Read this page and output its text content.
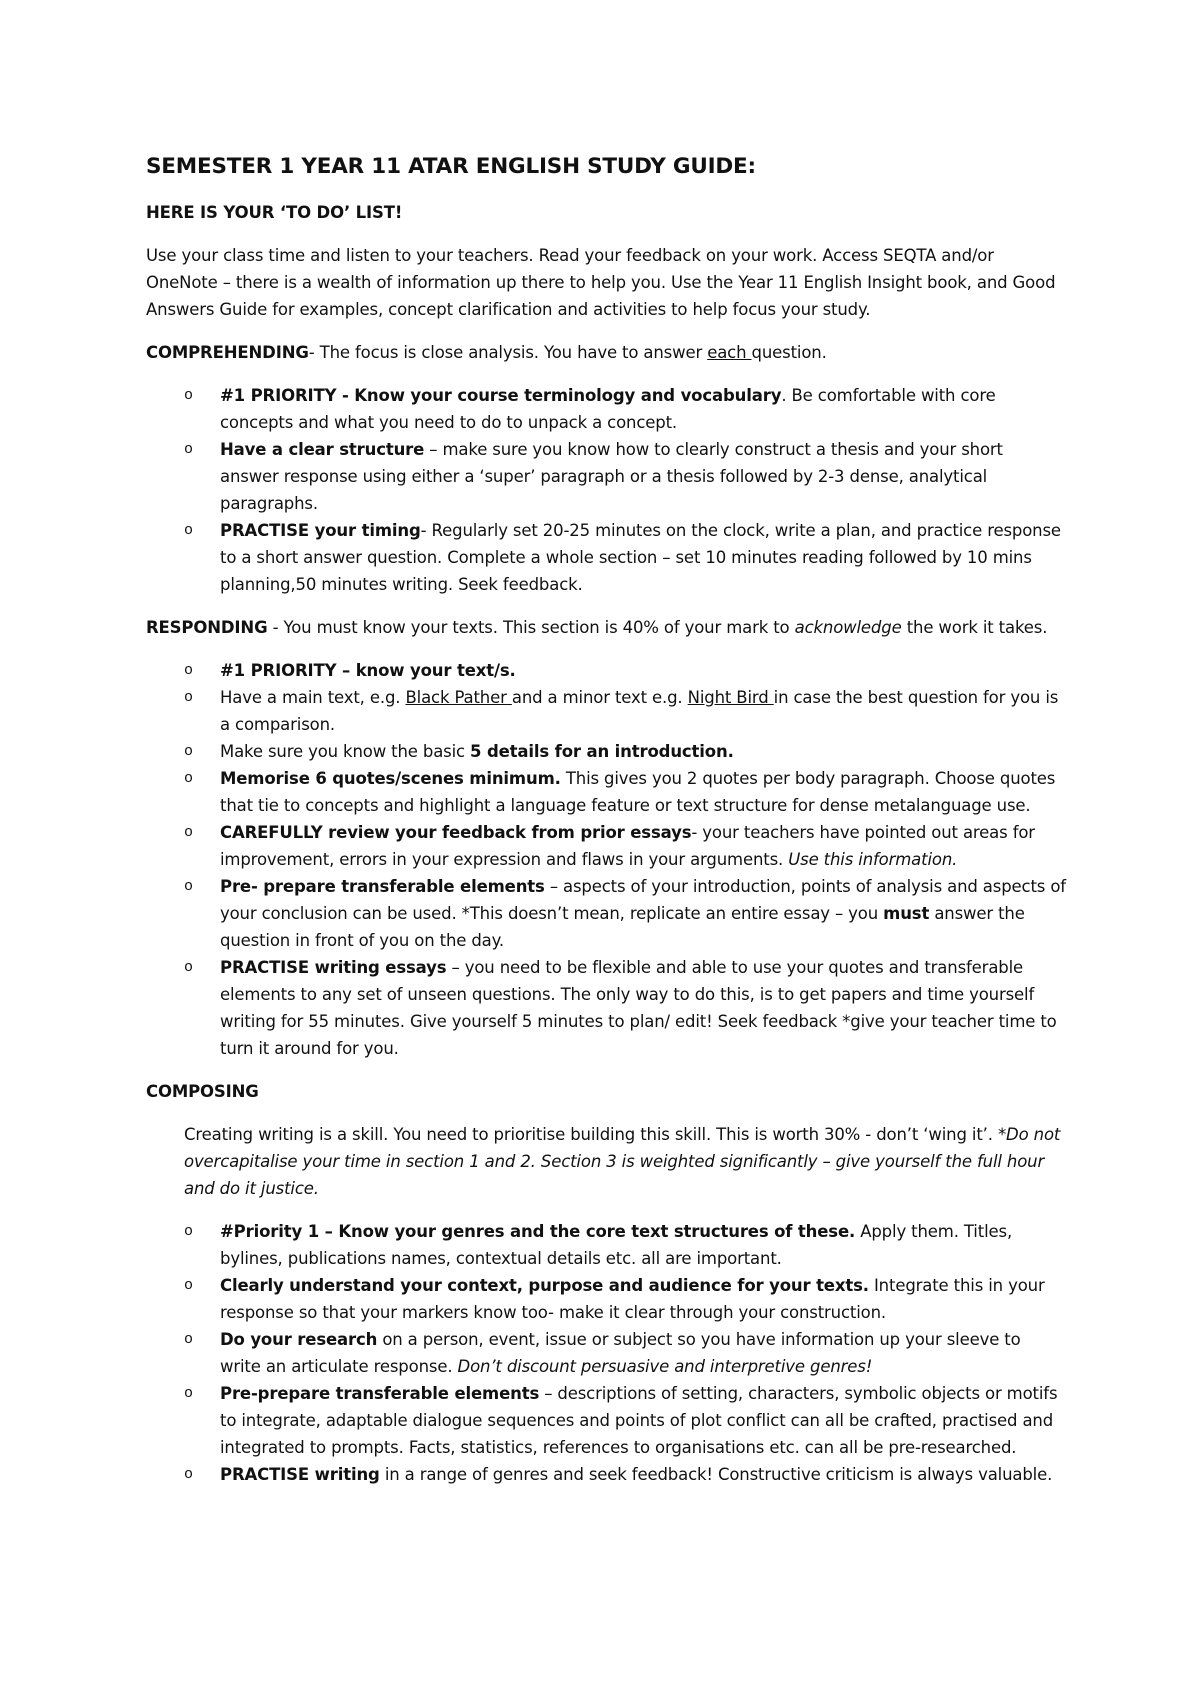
SEMESTER 1 YEAR 11 ATAR ENGLISH STUDY GUIDE:
HERE IS YOUR ‘TO DO’ LIST!

Use your class time and listen to your teachers. Read your feedback on your work. Access SEQTA and/or OneNote – there is a wealth of information up there to help you. Use the Year 11 English Insight book, and Good Answers Guide for examples, concept clarification and activities to help focus your study.

COMPREHENDING- The focus is close analysis. You have to answer each question.

o #1 PRIORITY - Know your course terminology and vocabulary. Be comfortable with core concepts and what you need to do to unpack a concept.
o Have a clear structure – make sure you know how to clearly construct a thesis and your short answer response using either a ‘super’ paragraph or a thesis followed by 2-3 dense, analytical paragraphs.
o PRACTISE your timing- Regularly set 20-25 minutes on the clock, write a plan, and practice response to a short answer question. Complete a whole section – set 10 minutes reading followed by 10 mins planning,50 minutes writing. Seek feedback.

RESPONDING - You must know your texts. This section is 40% of your mark to acknowledge the work it takes.

o #1 PRIORITY – know your text/s.
o Have a main text, e.g. Black Pather and a minor text e.g. Night Bird in case the best question for you is a comparison.
o Make sure you know the basic 5 details for an introduction.
o Memorise 6 quotes/scenes minimum. This gives you 2 quotes per body paragraph. Choose quotes that tie to concepts and highlight a language feature or text structure for dense metalanguage use.
o CAREFULLY review your feedback from prior essays- your teachers have pointed out areas for improvement, errors in your expression and flaws in your arguments. Use this information.
o Pre- prepare transferable elements – aspects of your introduction, points of analysis and aspects of your conclusion can be used. *This doesn’t mean, replicate an entire essay – you must answer the question in front of you on the day.
o PRACTISE writing essays – you need to be flexible and able to use your quotes and transferable elements to any set of unseen questions. The only way to do this, is to get papers and time yourself writing for 55 minutes. Give yourself 5 minutes to plan/ edit! Seek feedback *give your teacher time to turn it around for you.

COMPOSING

Creating writing is a skill. You need to prioritise building this skill. This is worth 30% - don’t ‘wing it’. *Do not overcapitalise your time in section 1 and 2. Section 3 is weighted significantly – give yourself the full hour and do it justice.

o #Priority 1 – Know your genres and the core text structures of these. Apply them. Titles, bylines, publications names, contextual details etc. all are important.
o Clearly understand your context, purpose and audience for your texts. Integrate this in your response so that your markers know too- make it clear through your construction.
o Do your research on a person, event, issue or subject so you have information up your sleeve to write an articulate response. Don’t discount persuasive and interpretive genres!
o Pre-prepare transferable elements – descriptions of setting, characters, symbolic objects or motifs to integrate, adaptable dialogue sequences and points of plot conflict can all be crafted, practised and integrated to prompts. Facts, statistics, references to organisations etc. can all be pre-researched.
o PRACTISE writing in a range of genres and seek feedback! Constructive criticism is always valuable.
